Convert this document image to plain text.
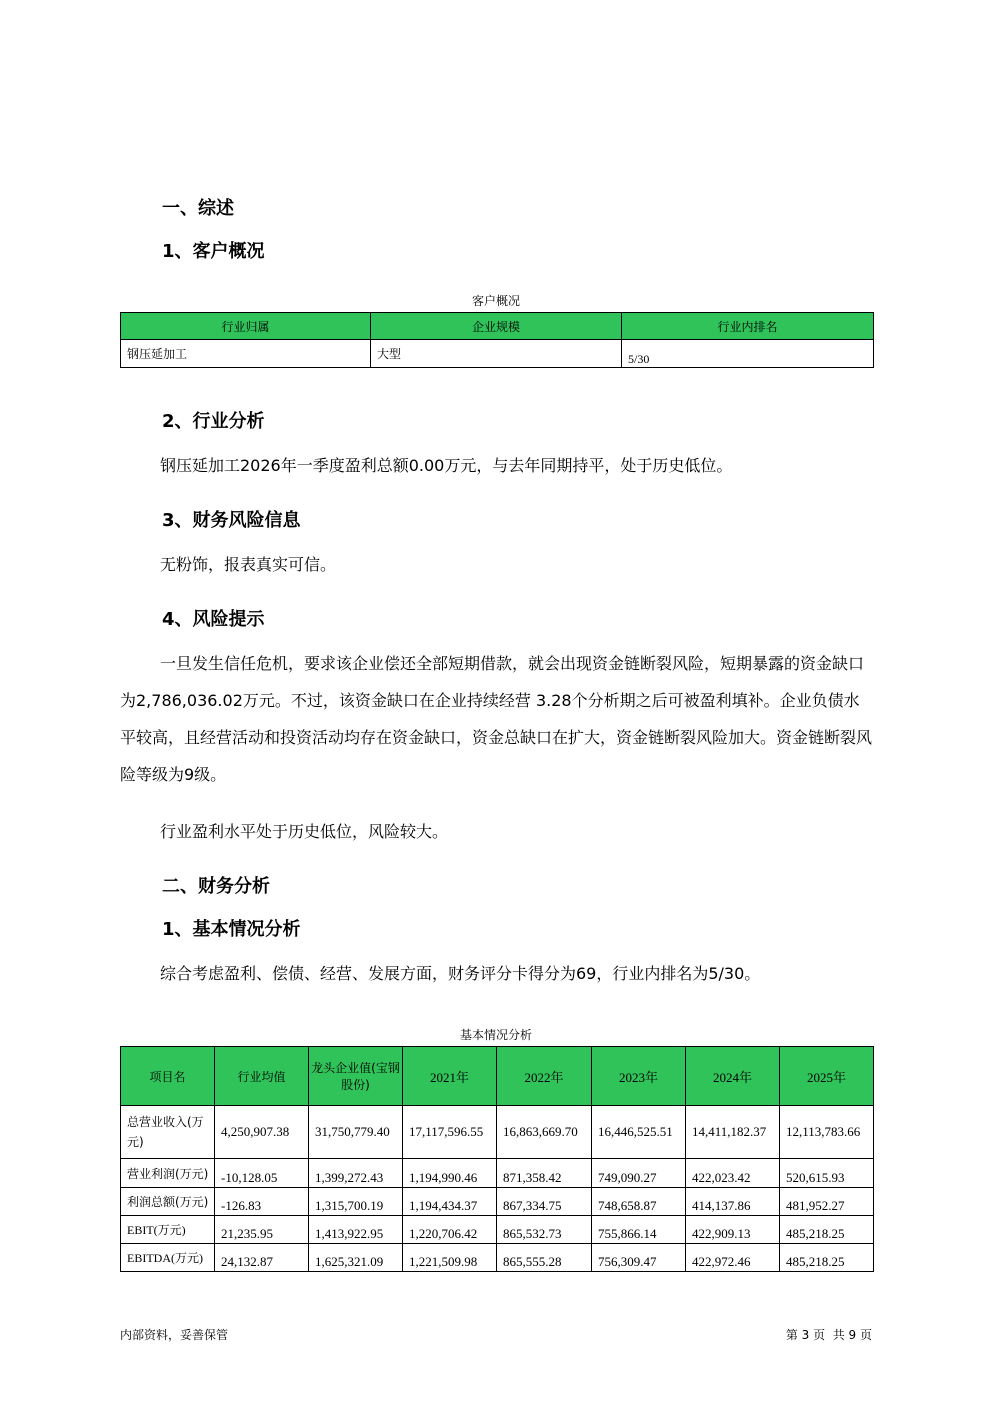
一、综述
1、客户概况
客户概况
行业归属	企业规模	行业内排名
钢压延加工	大型	5/30
2、行业分析
钢压延加工2026年一季度盈利总额0.00万元，与去年同期持平，处于历史低位。
3、财务风险信息
无粉饰，报表真实可信。
4、风险提示
一旦发生信任危机，要求该企业偿还全部短期借款，就会出现资金链断裂风险，短期暴露的资金缺口为2,786,036.02万元。不过，该资金缺口在企业持续经营 3.28个分析期之后可被盈利填补。企业负债水平较高，且经营活动和投资活动均存在资金缺口，资金总缺口在扩大，资金链断裂风险加大。资金链断裂风险等级为9级。
行业盈利水平处于历史低位，风险较大。
二、财务分析
1、基本情况分析
综合考虑盈利、偿债、经营、发展方面，财务评分卡得分为69，行业内排名为5/30。
基本情况分析
项目名	行业均值	龙头企业值(宝钢股份)	2021年	2022年	2023年	2024年	2025年
总营业收入(万元)	4,250,907.38	31,750,779.40	17,117,596.55	16,863,669.70	16,446,525.51	14,411,182.37	12,113,783.66
营业利润(万元)	-10,128.05	1,399,272.43	1,194,990.46	871,358.42	749,090.27	422,023.42	520,615.93
利润总额(万元)	-126.83	1,315,700.19	1,194,434.37	867,334.75	748,658.87	414,137.86	481,952.27
EBIT(万元)	21,235.95	1,413,922.95	1,220,706.42	865,532.73	755,866.14	422,909.13	485,218.25
EBITDA(万元)	24,132.87	1,625,321.09	1,221,509.98	865,555.28	756,309.47	422,972.46	485,218.25
内部资料，妥善保管	第 3 页  共 9 页
